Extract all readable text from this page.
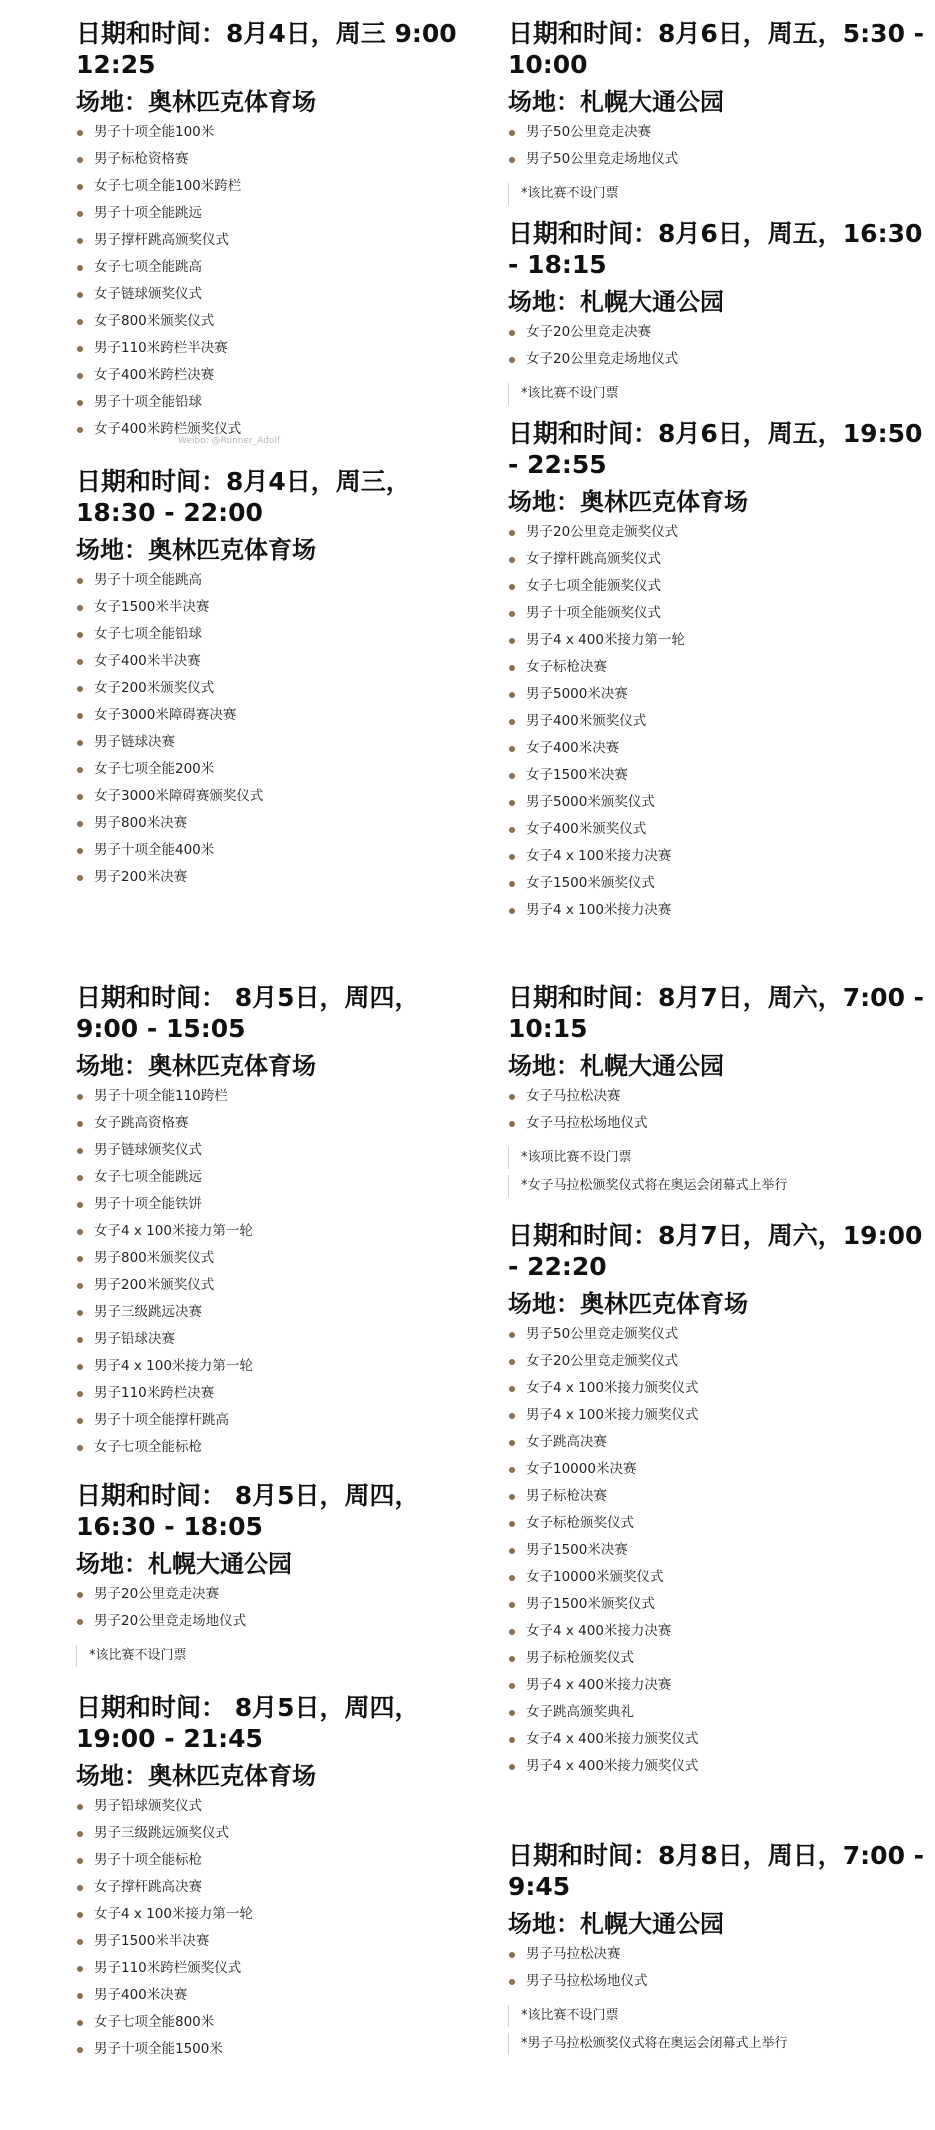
日期和时间：8月4日，周三 9:00 12:25
场地：奥林匹克体育场
男子十项全能100米
男子标枪资格赛
女子七项全能100米跨栏
男子十项全能跳远
男子撑杆跳高颁奖仪式
女子七项全能跳高
女子链球颁奖仪式
女子800米颁奖仪式
男子110米跨栏半决赛
女子400米跨栏决赛
男子十项全能铅球
女子400米跨栏颁奖仪式
日期和时间：8月4日，周三，18:30 - 22:00
场地：奥林匹克体育场
男子十项全能跳高
女子1500米半决赛
女子七项全能铅球
女子400米半决赛
女子200米颁奖仪式
女子3000米障碍赛决赛
男子链球决赛
女子七项全能200米
女子3000米障碍赛颁奖仪式
男子800米决赛
男子十项全能400米
男子200米决赛
日期和时间： 8月5日，周四，9:00 - 15:05
场地：奥林匹克体育场
男子十项全能110跨栏
女子跳高资格赛
男子链球颁奖仪式
女子七项全能跳远
男子十项全能铁饼
女子4 x 100米接力第一轮
男子800米颁奖仪式
男子200米颁奖仪式
男子三级跳远决赛
男子铅球决赛
男子4 x 100米接力第一轮
男子110米跨栏决赛
男子十项全能撑杆跳高
女子七项全能标枪
日期和时间： 8月5日，周四，16:30 - 18:05
场地：札幌大通公园
男子20公里竞走决赛
男子20公里竞走场地仪式
*该比赛不设门票
日期和时间： 8月5日，周四，19:00 - 21:45
场地：奥林匹克体育场
男子铅球颁奖仪式
男子三级跳远颁奖仪式
男子十项全能标枪
女子撑杆跳高决赛
女子4 x 100米接力第一轮
男子1500米半决赛
男子110米跨栏颁奖仪式
男子400米决赛
女子七项全能800米
男子十项全能1500米
日期和时间：8月6日，周五，5:30 - 10:00
场地：札幌大通公园
男子50公里竞走决赛
男子50公里竞走场地仪式
*该比赛不设门票
日期和时间：8月6日，周五，16:30 - 18:15
场地：札幌大通公园
女子20公里竞走决赛
女子20公里竞走场地仪式
*该比赛不设门票
日期和时间：8月6日，周五，19:50 - 22:55
场地：奥林匹克体育场
男子20公里竞走颁奖仪式
女子撑杆跳高颁奖仪式
女子七项全能颁奖仪式
男子十项全能颁奖仪式
男子4 x 400米接力第一轮
女子标枪决赛
男子5000米决赛
男子400米颁奖仪式
女子400米决赛
女子1500米决赛
男子5000米颁奖仪式
女子400米颁奖仪式
女子4 x 100米接力决赛
女子1500米颁奖仪式
男子4 x 100米接力决赛
日期和时间：8月7日，周六，7:00 - 10:15
场地：札幌大通公园
女子马拉松决赛
女子马拉松场地仪式
*该项比赛不设门票
*女子马拉松颁奖仪式将在奥运会闭幕式上举行
日期和时间：8月7日，周六，19:00 - 22:20
场地：奥林匹克体育场
男子50公里竞走颁奖仪式
女子20公里竞走颁奖仪式
女子4 x 100米接力颁奖仪式
男子4 x 100米接力颁奖仪式
女子跳高决赛
女子10000米决赛
男子标枪决赛
女子标枪颁奖仪式
男子1500米决赛
女子10000米颁奖仪式
男子1500米颁奖仪式
女子4 x 400米接力决赛
男子标枪颁奖仪式
男子4 x 400米接力决赛
女子跳高颁奖典礼
女子4 x 400米接力颁奖仪式
男子4 x 400米接力颁奖仪式
日期和时间：8月8日，周日，7:00 - 9:45
场地：札幌大通公园
男子马拉松决赛
男子马拉松场地仪式
*该比赛不设门票
*男子马拉松颁奖仪式将在奥运会闭幕式上举行
Weibo: @Runner_Adolf
